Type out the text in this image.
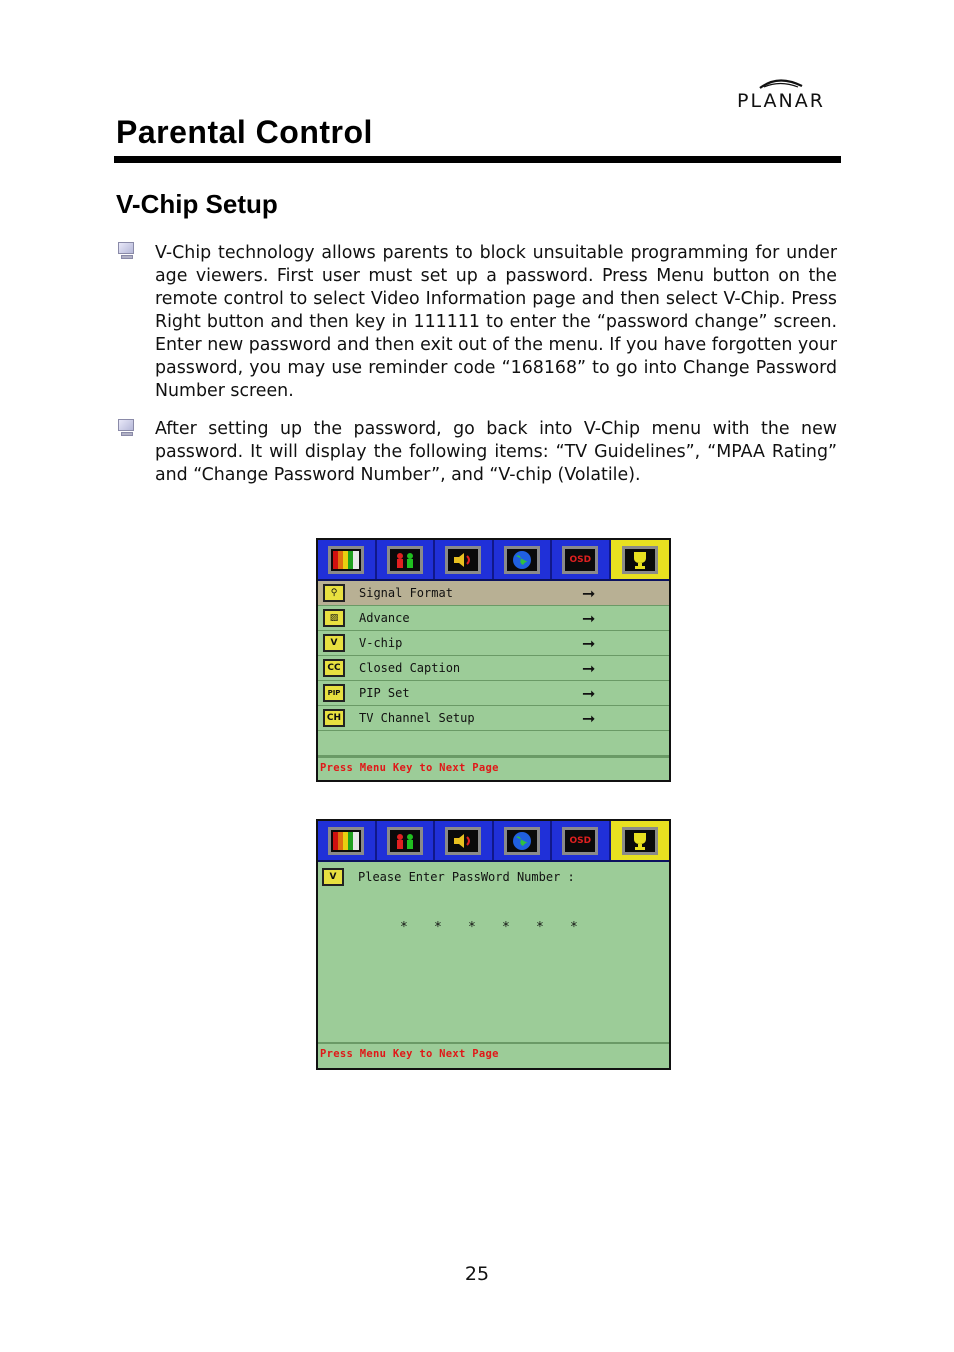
PLANAR
Parental Control
V-Chip Setup
V-Chip technology allows parents to block unsuitable programming for under age viewers. First user must set up a password. Press Menu button on the remote control to select Video Information page and then select V-Chip. Press Right button and then key in 111111 to enter the “password change” screen. Enter new password and then exit out of the menu. If you have forgotten your password, you may use reminder code “168168” to go into Change Password Number screen.
After setting up the password, go back into V-Chip menu with the new password. It will display the following items: “TV Guidelines”, “MPAA Rating” and “Change Password Number”, and “V-chip (Volatile).
OSD
⚲	Signal Format	➞
▨	Advance	➞
V	V-chip	➞
CC	Closed Caption	➞
PIP	PIP Set	➞
CH	TV Channel Setup	➞
Press Menu Key to Next Page
OSD
V	Please Enter PassWord Number :
*	*	*	*	*	*
Press Menu Key to Next Page
25
